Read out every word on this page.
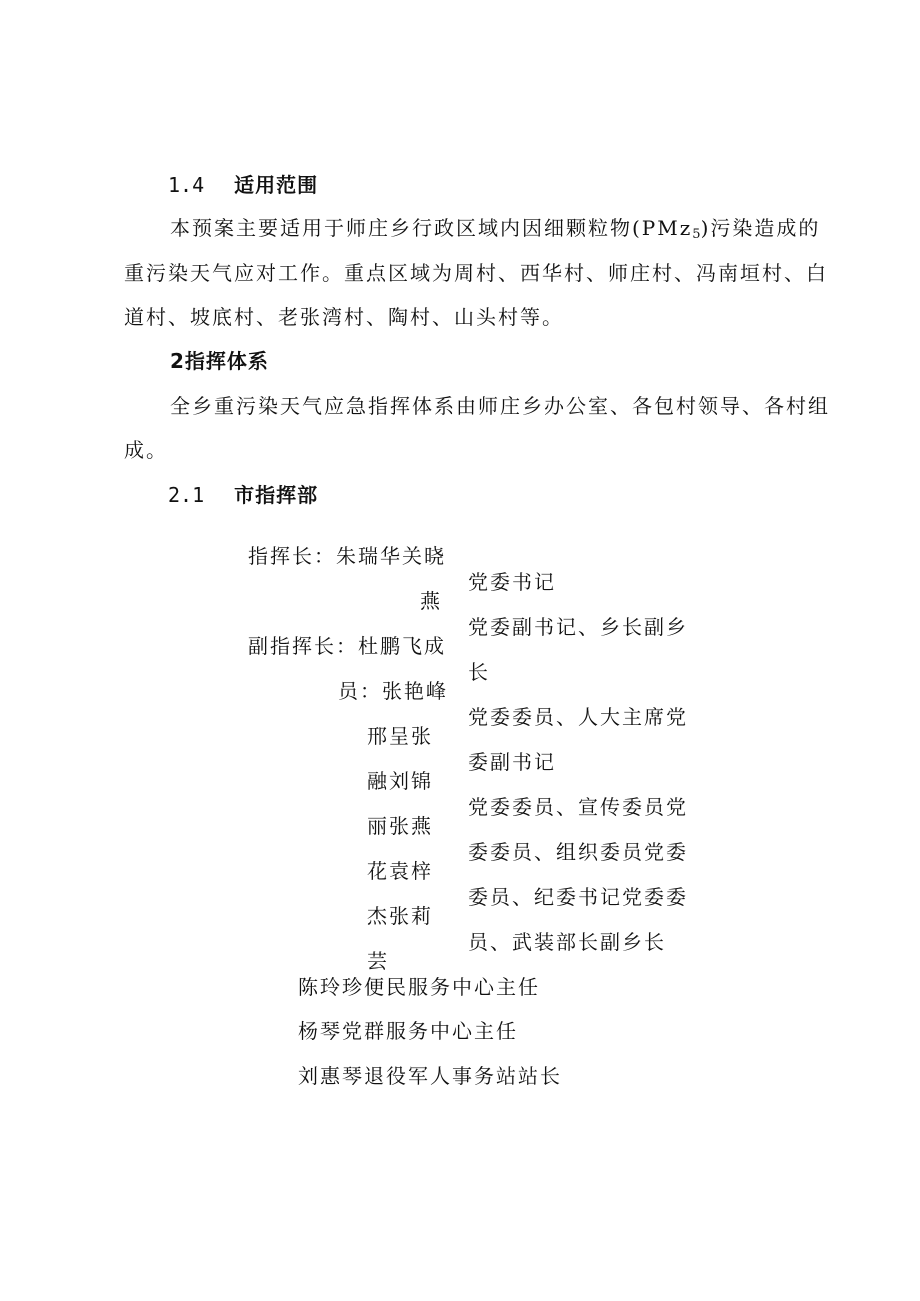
1.4 适用范围
本预案主要适用于师庄乡行政区域内因细颗粒物(PMz$_5$)污染造成的
重污染天气应对工作。重点区域为周村、西华村、师庄村、冯南垣村、白
道村、坡底村、老张湾村、陶村、山头村等。
2指挥体系
全乡重污染天气应急指挥体系由师庄乡办公室、各包村领导、各村组
成。
2.1 市指挥部
指挥长：朱瑞华关晓
燕
副指挥长：杜鹏飞成
员：张艳峰
邢呈张
融刘锦
丽张燕
花袁梓
杰张莉
芸
党委书记
党委副书记、乡长副乡
长
党委委员、人大主席党
委副书记
党委委员、宣传委员党
委委员、组织委员党委
委员、纪委书记党委委
员、武装部长副乡长
陈玲珍便民服务中心主任
杨琴党群服务中心主任
刘惠琴退役军人事务站站长
